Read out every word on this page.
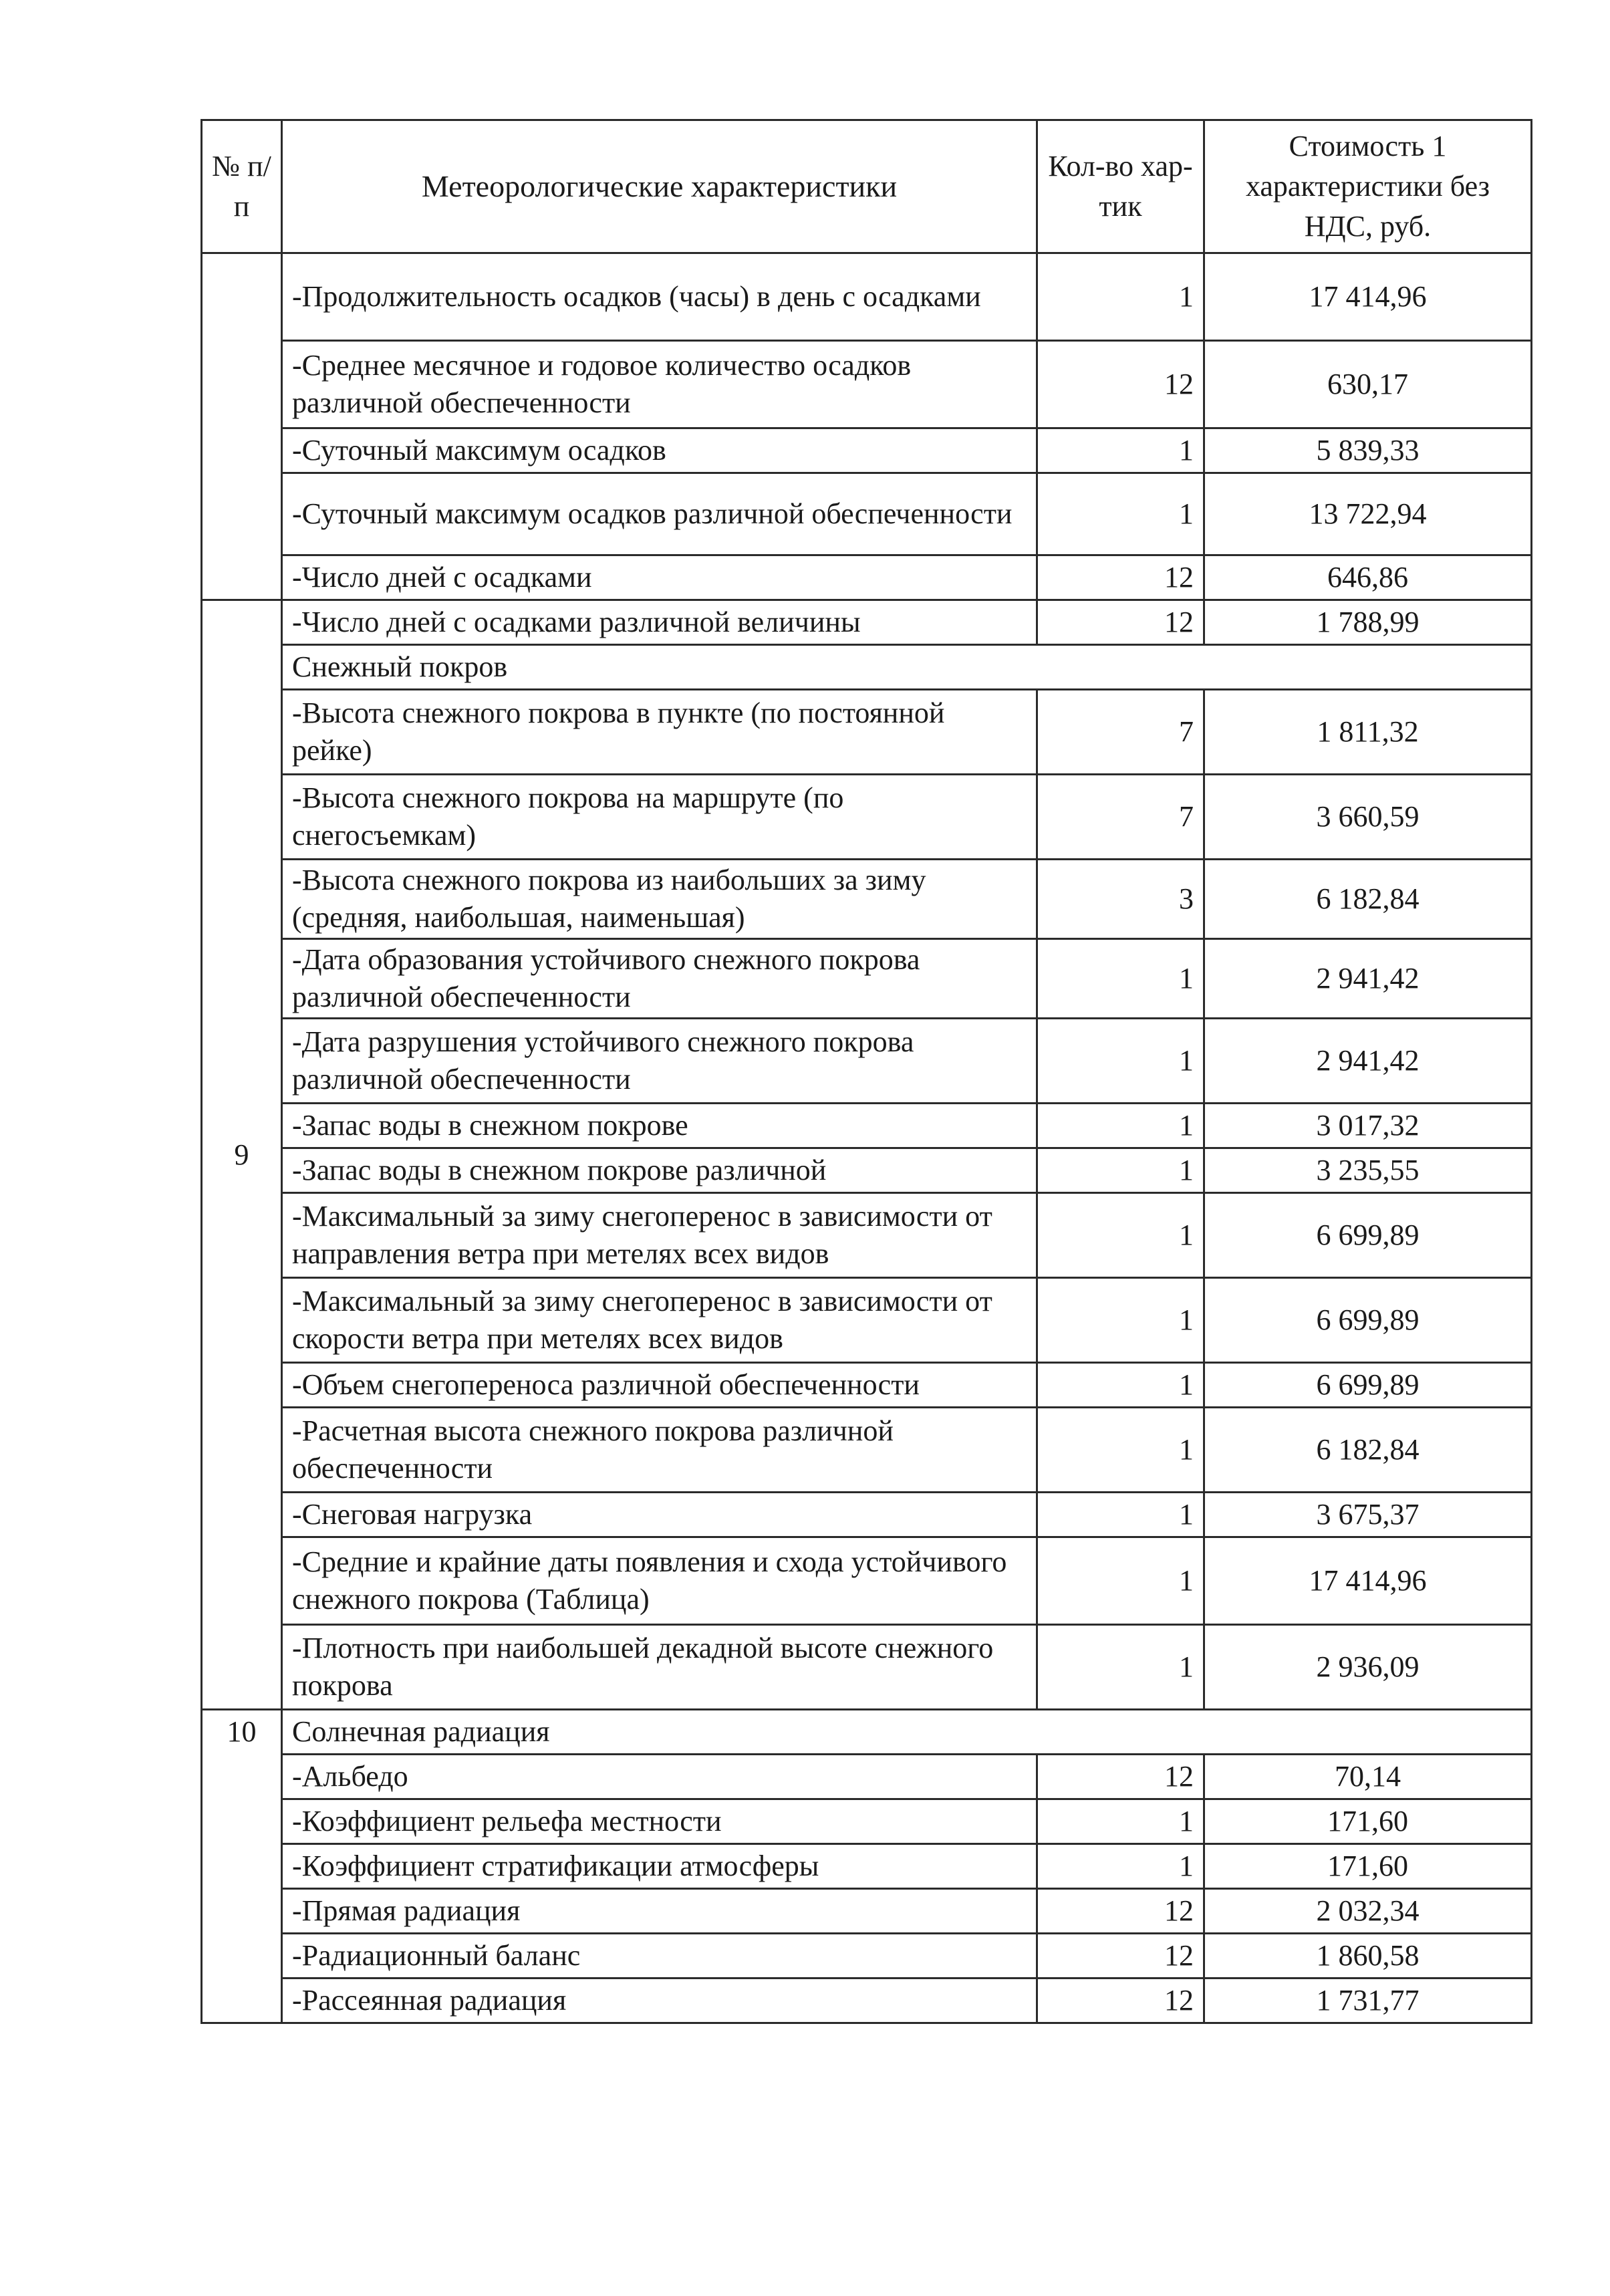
№ п/п	Метеорологические характеристики	Кол-во хар-тик	Стоимость 1 характеристики без НДС, руб.
	-Продолжительность осадков (часы) в день с осадками	1	17 414,96
	-Среднее месячное и годовое количество осадков различной обеспеченности	12	630,17
	-Суточный максимум осадков	1	5 839,33
	-Суточный максимум осадков различной обеспеченности	1	13 722,94
	-Число дней с осадками	12	646,86
9	-Число дней с осадками различной величины	12	1 788,99
	Снежный покров		
	-Высота снежного покрова в пункте (по постоянной рейке)	7	1 811,32
	-Высота снежного покрова на маршруте (по снегосъемкам)	7	3 660,59
	-Высота снежного покрова из наибольших за зиму (средняя, наибольшая, наименьшая)	3	6 182,84
	-Дата образования устойчивого снежного покрова различной обеспеченности	1	2 941,42
	-Дата разрушения устойчивого снежного покрова различной обеспеченности	1	2 941,42
	-Запас воды в снежном покрове	1	3 017,32
	-Запас воды в снежном покрове различной	1	3 235,55
	-Максимальный за зиму снегоперенос в зависимости от направления ветра при метелях всех видов	1	6 699,89
	-Максимальный за зиму снегоперенос в зависимости от скорости ветра при метелях всех видов	1	6 699,89
	-Объем снегопереноса различной обеспеченности	1	6 699,89
	-Расчетная высота снежного покрова различной обеспеченности	1	6 182,84
	-Снеговая нагрузка	1	3 675,37
	-Средние и крайние даты появления и схода устойчивого снежного покрова (Таблица)	1	17 414,96
	-Плотность при наибольшей декадной высоте снежного покрова	1	2 936,09
10	Солнечная радиация		
	-Альбедо	12	70,14
	-Коэффициент рельефа местности	1	171,60
	-Коэффициент стратификации атмосферы	1	171,60
	-Прямая радиация	12	2 032,34
	-Радиационный баланс	12	1 860,58
	-Рассеянная радиация	12	1 731,77
